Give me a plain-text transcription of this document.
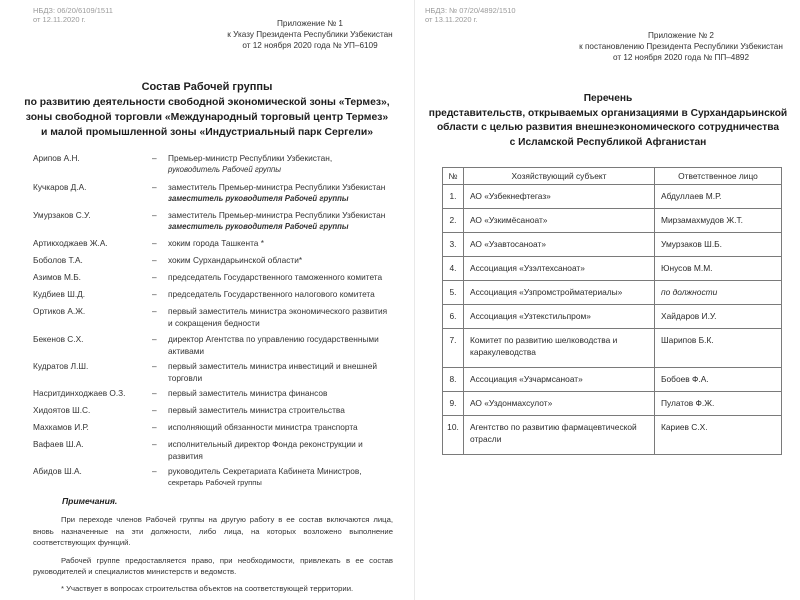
НБДЗ: 06/20/6109/1511
от 12.11.2020 г.	Приложение № 1
к Указу Президента Республики Узбекистан
от 12 ноября 2020 года № УП–6109
Состав Рабочей группы
по развитию деятельности свободной экономической зоны «Термез»,
зоны свободной торговли «Международный торговый центр Термез»
и малой промышленной зоны «Индустриальный парк Сергели»
Арипов А.Н.	– Премьер-министр Республики Узбекистан,
руководитель Рабочей группы
Кучкаров Д.А.	– заместитель Премьер-министра Республики Узбекистан
заместитель руководителя Рабочей группы
Умурзаков С.У.	– заместитель Премьер-министра Республики Узбекистан
заместитель руководителя Рабочей группы
Артикходжаев Ж.А.	– хоким города Ташкента *
Боболов Т.А.	– хоким Сурхандарьинской области*
Азимов М.Б.	– председатель Государственного таможенного комитета
Кудбиев Ш.Д.	– председатель Государственного налогового комитета
Ортиков А.Ж.	– первый заместитель министра экономического развития
и сокращения бедности
Бекенов С.Х.	– директор Агентства по управлению государственными
активами
Кудратов Л.Ш.	– первый заместитель министра инвестиций и внешней
торговли
Насритдинходжаев О.З.	– первый заместитель министра финансов
Хидоятов Ш.С.	– первый заместитель министра строительства
Махкамов И.Р.	– исполняющий обязанности министра транспорта
Вафаев Ш.А.	– исполнительный директор Фонда реконструкции и
развития
Абидов Ш.А.	– руководитель Секретариата Кабинета Министров,
секретарь Рабочей группы
Примечания.

При переходе членов Рабочей группы на другую работу в ее состав включаются лица, вновь назначенные на эти должности, либо лица, на которых возложено выполнение соответствующих функций.

Рабочей группе предоставляется право, при необходимости, привлекать в ее состав руководителей и специалистов министерств и ведомств.

* Участвует в вопросах строительства объектов на соответствующей территории.

НБДЗ: № 07/20/4892/1510
от 13.11.2020 г.
Приложение № 2
к постановлению Президента Республики Узбекистан
от 12 ноября 2020 года № ПП–4892
Перечень
представительств, открываемых организациями в Сурхандарьинской
области с целью развития внешнеэкономического сотрудничества
с Исламской Республикой Афганистан
№	Хозяйствующий субъект	Ответственное лицо
1.	АО «Узбекнефтегаз»	Абдуллаев М.Р.
2.	АО «Узкимёсаноат»	Мирзамахмудов Ж.Т.
3.	АО «Узавтосаноат»	Умурзаков Ш.Б.
4.	Ассоциация «Узэлтехсаноат»	Юнусов М.М.
5.	Ассоциация «Узпромстройматериалы»	по должности
6.	Ассоциация «Узтекстильпром»	Хайдаров И.У.
7.	Комитет по развитию шелководства и каракулеводства	Шарипов Б.К.
8.	Ассоциация «Узчармсаноат»	Бобоев Ф.А.
9.	АО «Уздонмахсулот»	Пулатов Ф.Ж.
10.	Агентство по развитию фармацевтической отрасли	Кариев С.Х.
